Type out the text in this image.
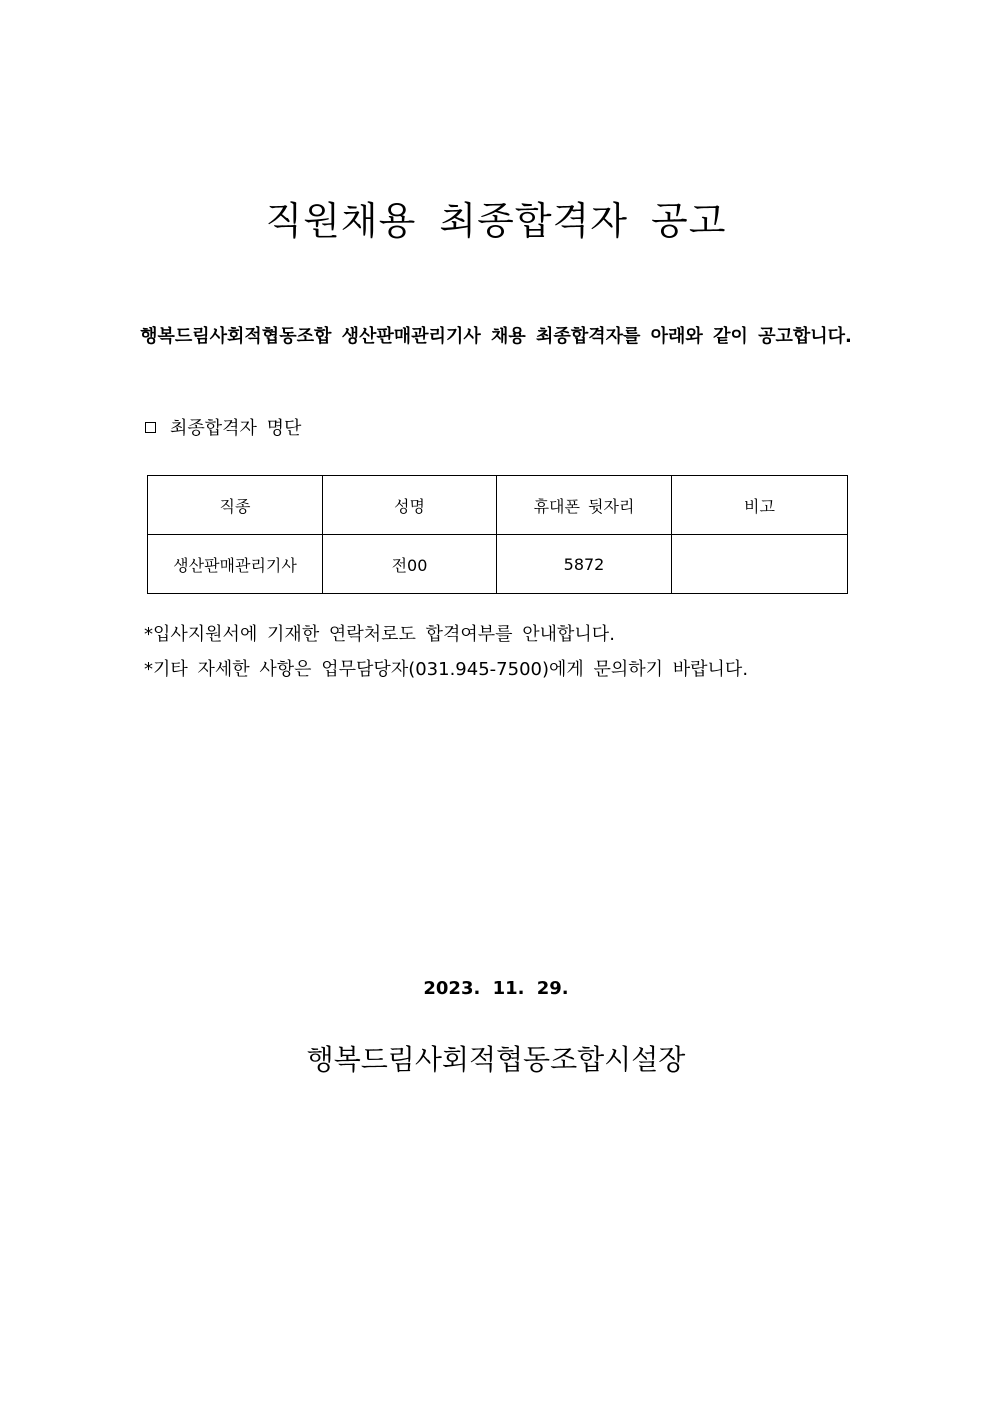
직원채용 최종합격자 공고

행복드림사회적협동조합 생산판매관리기사 채용 최종합격자를 아래와 같이 공고합니다.

최종합격자 명단
직종	성명	휴대폰 뒷자리	비고
생산판매관리기사	전00	5872	

*입사지원서에 기재한 연락처로도 합격여부를 안내합니다.

*기타 자세한 사항은 업무담당자(031.945-7500)에게 문의하기 바랍니다.

2023. 11. 29.

행복드림사회적협동조합시설장
